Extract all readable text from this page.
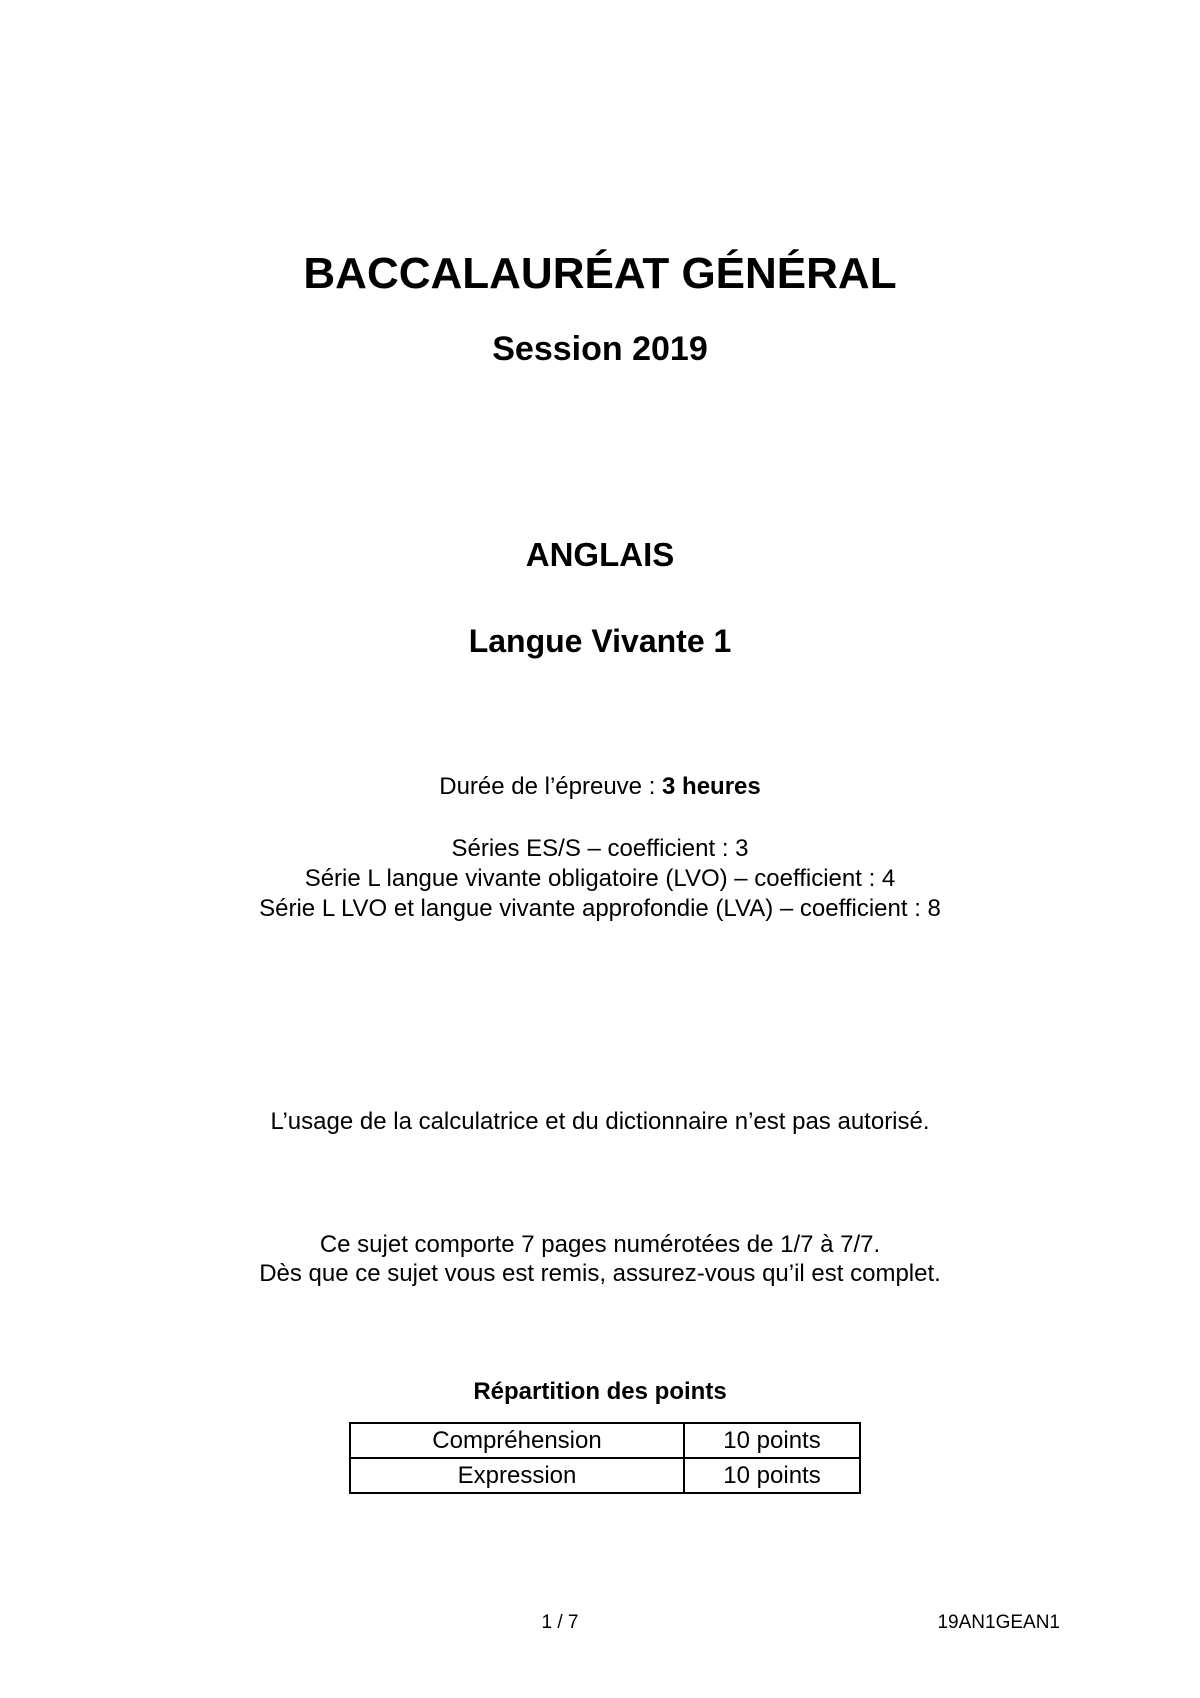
BACCALAURÉAT GÉNÉRAL
Session 2019
ANGLAIS
Langue Vivante 1
Durée de l’épreuve : 3 heures
Séries ES/S – coefficient : 3
Série L langue vivante obligatoire (LVO) – coefficient : 4
Série L LVO et langue vivante approfondie (LVA) – coefficient : 8
L’usage de la calculatrice et du dictionnaire n’est pas autorisé.
Ce sujet comporte 7 pages numérotées de 1/7 à 7/7.
Dès que ce sujet vous est remis, assurez-vous qu’il est complet.
Répartition des points
Compréhension	10 points
Expression	10 points
1 / 7	19AN1GEAN1
